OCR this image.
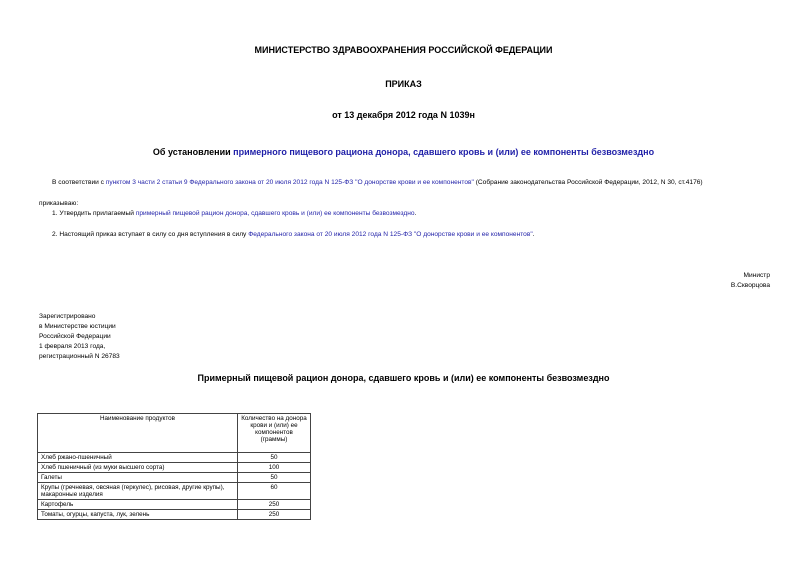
МИНИСТЕРСТВО ЗДРАВООХРАНЕНИЯ РОССИЙСКОЙ ФЕДЕРАЦИИ
ПРИКАЗ
от 13 декабря 2012 года N 1039н
Об установлении примерного пищевого рациона донора, сдавшего кровь и (или) ее компоненты безвозмездно
В соответствии с пунктом 3 части 2 статьи 9 Федерального закона от 20 июля 2012 года N 125-ФЗ "О донорстве крови и ее компонентов" (Собрание законодательства Российской Федерации, 2012, N 30, ст.4176)
приказываю:
1. Утвердить прилагаемый примерный пищевой рацион донора, сдавшего кровь и (или) ее компоненты безвозмездно.
2. Настоящий приказ вступает в силу со дня вступления в силу Федерального закона от 20 июля 2012 года N 125-ФЗ "О донорстве крови и ее компонентов".
Министр
В.Скворцова
Зарегистрировано
в Министерстве юстиции
Российской Федерации
1 февраля 2013 года,
регистрационный N 26783
Примерный пищевой рацион донора, сдавшего кровь и (или) ее компоненты безвозмездно
Наименование продуктов	Количество на донора крови и (или) ее компонентов (граммы)
Хлеб ржано-пшеничный	50
Хлеб пшеничный (из муки высшего сорта)	100
Галеты	50
Крупы (гречневая, овсяная (геркулес), рисовая, другие крупы), макаронные изделия	60
Картофель	250
Томаты, огурцы, капуста, лук, зелень	250
